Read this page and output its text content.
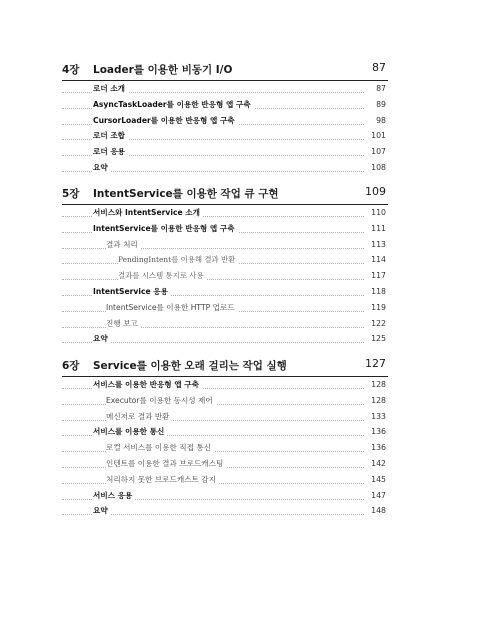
4장 Loader를 이용한 비동기 I/O	87
로더 소개	87
AsyncTaskLoader를 이용한 반응형 앱 구축	89
CursorLoader를 이용한 반응형 앱 구축	98
로더 조합	101
로더 응용	107
요약	108
5장 IntentService를 이용한 작업 큐 구현	109
서비스와 IntentService 소개	110
IntentService를 이용한 반응형 앱 구축	111
결과 처리	113
PendingIntent를 이용해 결과 반환	114
결과를 시스템 통지로 사용	117
IntentService 응용	118
IntentService를 이용한 HTTP 업로드	119
진행 보고	122
요약	125
6장 Service를 이용한 오래 걸리는 작업 실행	127
서비스를 이용한 반응형 앱 구축	128
Executor를 이용한 동시성 제어	128
메신저로 결과 반환	133
서비스를 이용한 통신	136
로컬 서비스를 이용한 직접 통신	136
인텐트를 이용한 결과 브로드캐스팅	142
처리하지 못한 브로드캐스트 감지	145
서비스 응용	147
요약	148
